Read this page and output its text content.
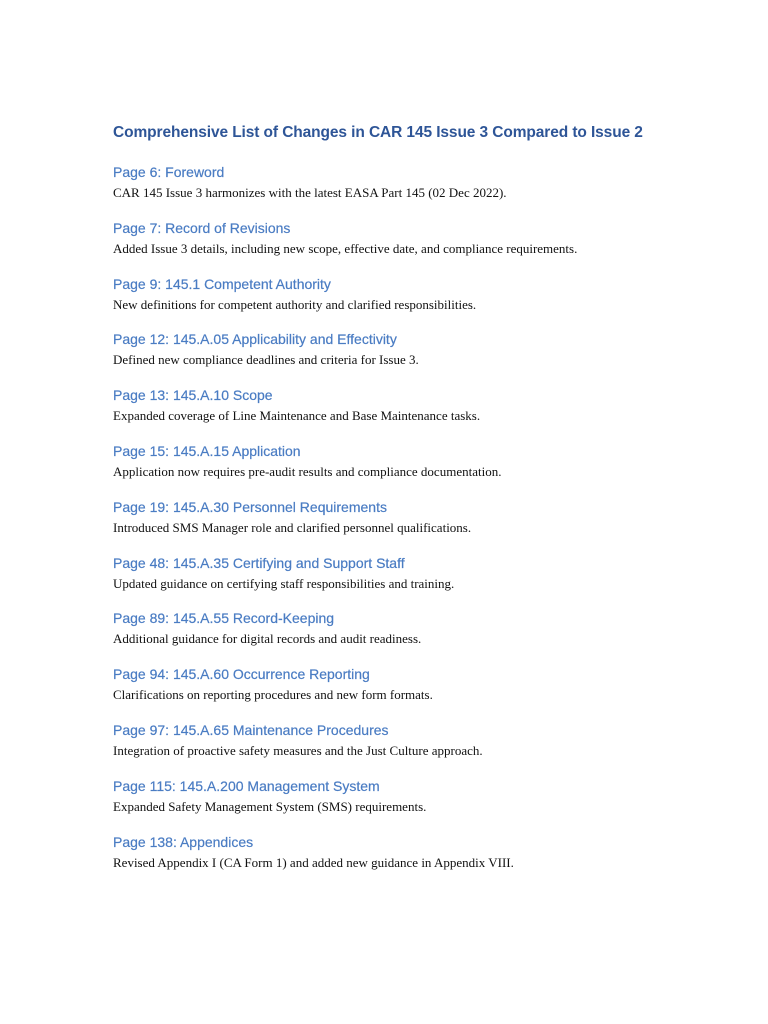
Comprehensive List of Changes in CAR 145 Issue 3 Compared to Issue 2
Page 6: Foreword

CAR 145 Issue 3 harmonizes with the latest EASA Part 145 (02 Dec 2022).

Page 7: Record of Revisions

Added Issue 3 details, including new scope, effective date, and compliance requirements.

Page 9: 145.1 Competent Authority

New definitions for competent authority and clarified responsibilities.

Page 12: 145.A.05 Applicability and Effectivity

Defined new compliance deadlines and criteria for Issue 3.

Page 13: 145.A.10 Scope

Expanded coverage of Line Maintenance and Base Maintenance tasks.

Page 15: 145.A.15 Application

Application now requires pre-audit results and compliance documentation.

Page 19: 145.A.30 Personnel Requirements

Introduced SMS Manager role and clarified personnel qualifications.

Page 48: 145.A.35 Certifying and Support Staff

Updated guidance on certifying staff responsibilities and training.

Page 89: 145.A.55 Record-Keeping

Additional guidance for digital records and audit readiness.

Page 94: 145.A.60 Occurrence Reporting

Clarifications on reporting procedures and new form formats.

Page 97: 145.A.65 Maintenance Procedures

Integration of proactive safety measures and the Just Culture approach.

Page 115: 145.A.200 Management System

Expanded Safety Management System (SMS) requirements.

Page 138: Appendices

Revised Appendix I (CA Form 1) and added new guidance in Appendix VIII.
